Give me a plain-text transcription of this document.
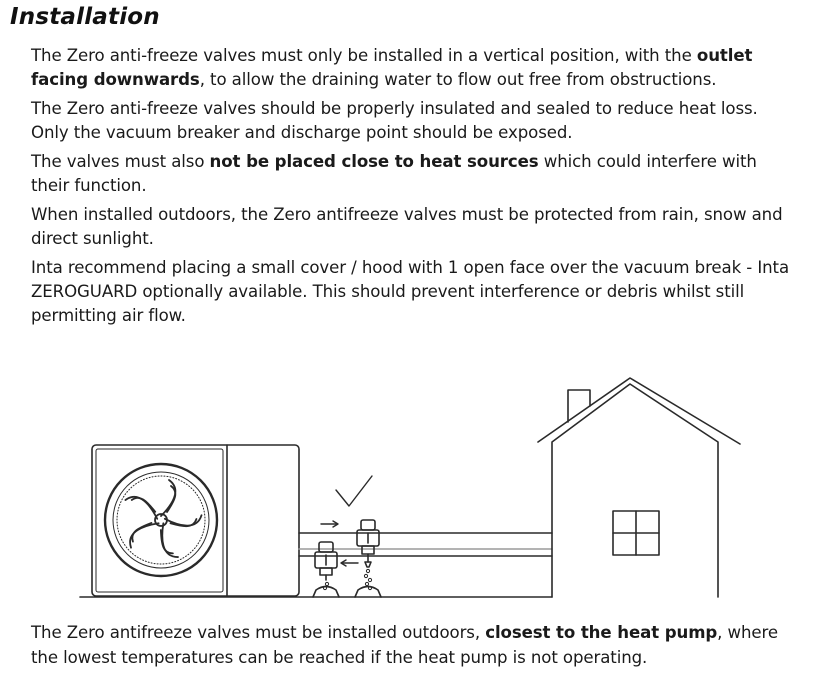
Installation

The Zero anti-freeze valves must only be installed in a vertical position, with the outlet facing downwards, to allow the draining water to flow out free from obstructions.

The Zero anti-freeze valves should be properly insulated and sealed to reduce heat loss. Only the vacuum breaker and discharge point should be exposed.

The valves must also not be placed close to heat sources which could interfere with their function.

When installed outdoors, the Zero antifreeze valves must be protected from rain, snow and direct sunlight.

Inta recommend placing a small cover / hood with 1 open face over the vacuum break - Inta ZEROGUARD optionally available. This should prevent interference or debris whilst still permitting air flow.

The Zero antifreeze valves must be installed outdoors, closest to the heat pump, where the lowest temperatures can be reached if the heat pump is not operating.
